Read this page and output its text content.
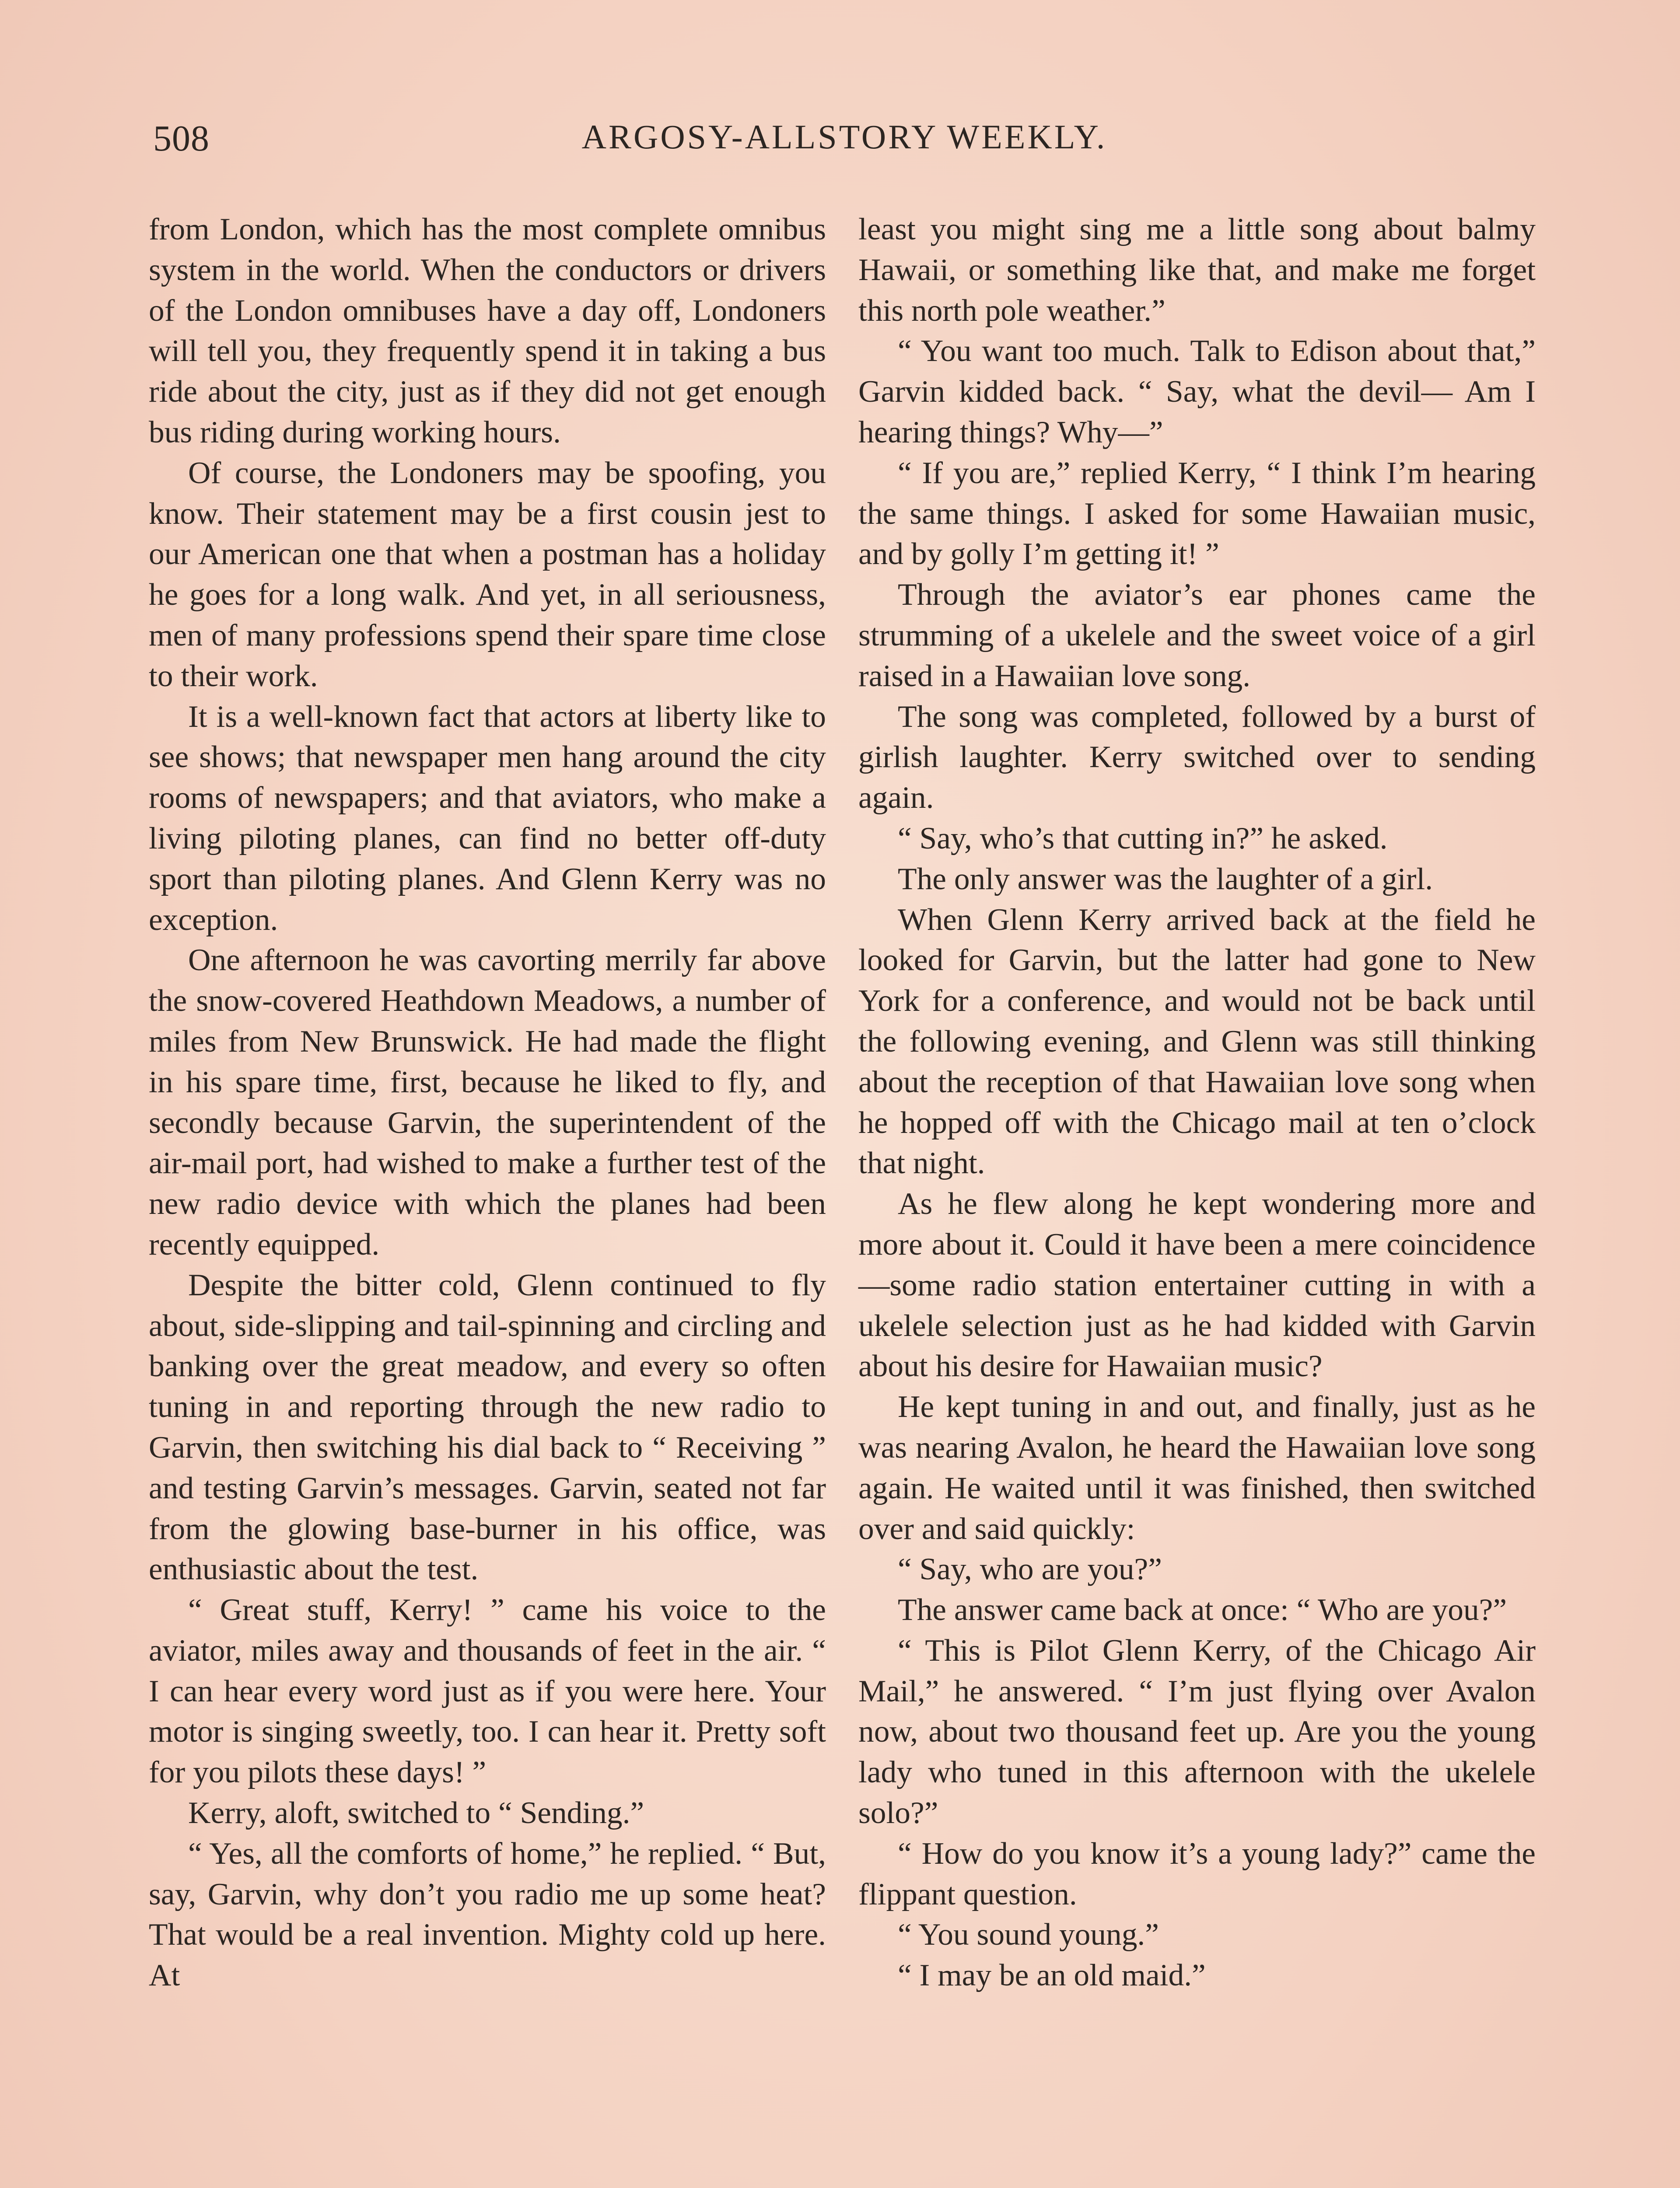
508	ARGOSY-ALLSTORY WEEKLY.

from London, which has the most complete omnibus system in the world. When the conductors or drivers of the London omnibuses have a day off, Londoners will tell you, they frequently spend it in taking a bus ride about the city, just as if they did not get enough bus riding during working hours.

Of course, the Londoners may be spoofing, you know. Their statement may be a first cousin jest to our American one that when a postman has a holiday he goes for a long walk. And yet, in all seriousness, men of many professions spend their spare time close to their work.

It is a well-known fact that actors at liberty like to see shows; that newspaper men hang around the city rooms of newspapers; and that aviators, who make a living piloting planes, can find no better off-duty sport than piloting planes. And Glenn Kerry was no exception.

One afternoon he was cavorting merrily far above the snow-covered Heathdown Meadows, a number of miles from New Brunswick. He had made the flight in his spare time, first, because he liked to fly, and secondly because Garvin, the superintendent of the air-mail port, had wished to make a further test of the new radio device with which the planes had been recently equipped.

Despite the bitter cold, Glenn continued to fly about, side-slipping and tail-spinning and circling and banking over the great meadow, and every so often tuning in and reporting through the new radio to Garvin, then switching his dial back to “ Receiving ” and testing Garvin’s messages. Garvin, seated not far from the glowing base-burner in his office, was enthusiastic about the test.

“ Great stuff, Kerry! ” came his voice to the aviator, miles away and thousands of feet in the air. “ I can hear every word just as if you were here. Your motor is singing sweetly, too. I can hear it. Pretty soft for you pilots these days! ”

Kerry, aloft, switched to “ Sending.”

“ Yes, all the comforts of home,” he replied. “ But, say, Garvin, why don’t you radio me up some heat? That would be a real invention. Mighty cold up here. At

least you might sing me a little song about balmy Hawaii, or something like that, and make me forget this north pole weather.”

“ You want too much. Talk to Edison about that,” Garvin kidded back. “ Say, what the devil— Am I hearing things? Why—”

“ If you are,” replied Kerry, “ I think I’m hearing the same things. I asked for some Hawaiian music, and by golly I’m getting it! ”

Through the aviator’s ear phones came the strumming of a ukelele and the sweet voice of a girl raised in a Hawaiian love song.

The song was completed, followed by a burst of girlish laughter. Kerry switched over to sending again.

“ Say, who’s that cutting in?” he asked.

The only answer was the laughter of a girl.

When Glenn Kerry arrived back at the field he looked for Garvin, but the latter had gone to New York for a conference, and would not be back until the following evening, and Glenn was still thinking about the reception of that Hawaiian love song when he hopped off with the Chicago mail at ten o’clock that night.

As he flew along he kept wondering more and more about it. Could it have been a mere coincidence—some radio station entertainer cutting in with a ukelele selection just as he had kidded with Garvin about his desire for Hawaiian music?

He kept tuning in and out, and finally, just as he was nearing Avalon, he heard the Hawaiian love song again. He waited until it was finished, then switched over and said quickly:

“ Say, who are you?”

The answer came back at once: “ Who are you?”

“ This is Pilot Glenn Kerry, of the Chicago Air Mail,” he answered. “ I’m just flying over Avalon now, about two thousand feet up. Are you the young lady who tuned in this afternoon with the ukelele solo?”

“ How do you know it’s a young lady?” came the flippant question.

“ You sound young.”

“ I may be an old maid.”
